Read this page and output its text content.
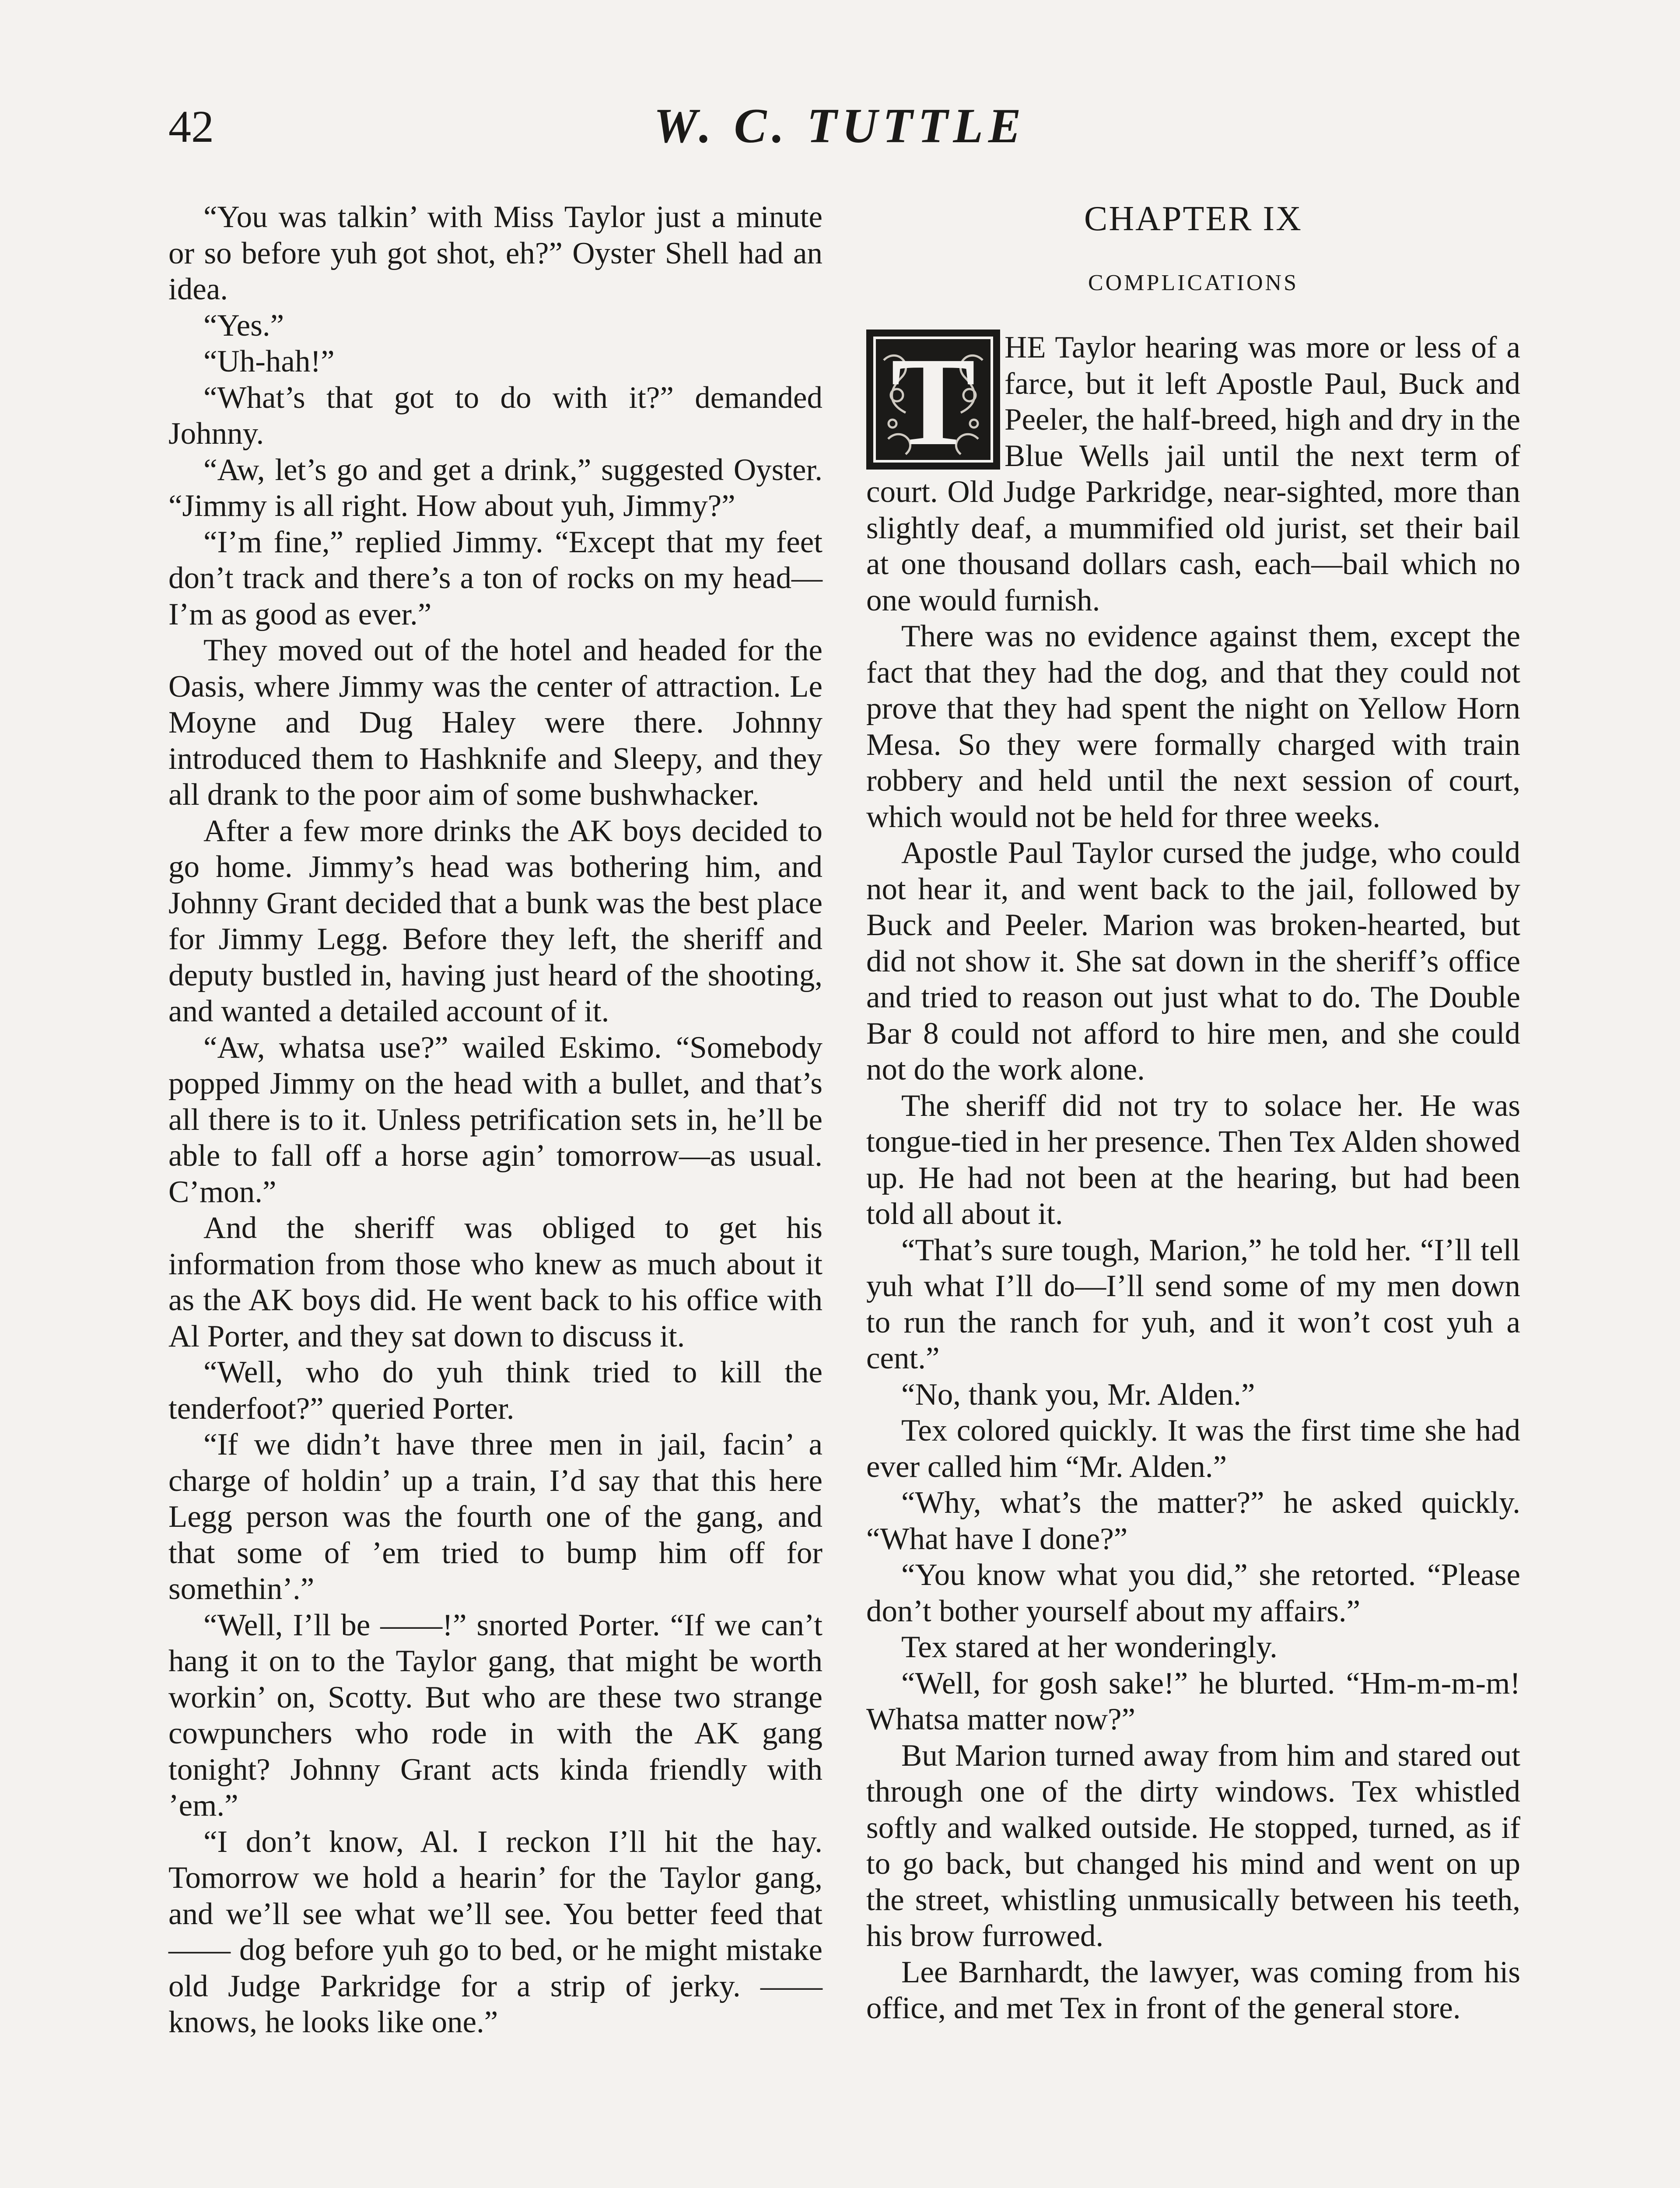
42	W. C. TUTTLE

“You was talkin’ with Miss Taylor just a minute or so before yuh got shot, eh?” Oyster Shell had an idea.

“Yes.”

“Uh-hah!”

“What’s that got to do with it?” demanded Johnny.

“Aw, let’s go and get a drink,” suggested Oyster. “Jimmy is all right. How about yuh, Jimmy?”

“I’m fine,” replied Jimmy. “Except that my feet don’t track and there’s a ton of rocks on my head—I’m as good as ever.”

They moved out of the hotel and headed for the Oasis, where Jimmy was the center of attraction. Le Moyne and Dug Haley were there. Johnny introduced them to Hashknife and Sleepy, and they all drank to the poor aim of some bushwhacker.

After a few more drinks the AK boys decided to go home. Jimmy’s head was bothering him, and Johnny Grant decided that a bunk was the best place for Jimmy Legg. Before they left, the sheriff and deputy bustled in, having just heard of the shooting, and wanted a detailed account of it.

“Aw, whatsa use?” wailed Eskimo. “Somebody popped Jimmy on the head with a bullet, and that’s all there is to it. Unless petrification sets in, he’ll be able to fall off a horse agin’ tomorrow—as usual. C’mon.”

And the sheriff was obliged to get his information from those who knew as much about it as the AK boys did. He went back to his office with Al Porter, and they sat down to discuss it.

“Well, who do yuh think tried to kill the tenderfoot?” queried Porter.

“If we didn’t have three men in jail, facin’ a charge of holdin’ up a train, I’d say that this here Legg person was the fourth one of the gang, and that some of ’em tried to bump him off for somethin’.”

“Well, I’ll be ——!” snorted Porter. “If we can’t hang it on to the Taylor gang, that might be worth workin’ on, Scotty. But who are these two strange cowpunchers who rode in with the AK gang tonight? Johnny Grant acts kinda friendly with ’em.”

“I don’t know, Al. I reckon I’ll hit the hay. Tomorrow we hold a hearin’ for the Taylor gang, and we’ll see what we’ll see. You better feed that —— dog before yuh go to bed, or he might mistake old Judge Parkridge for a strip of jerky. —— knows, he looks like one.”

CHAPTER IX
COMPLICATIONS

T HE Taylor hearing was more or less of a farce, but it left Apostle Paul, Buck and Peeler, the half-breed, high and dry in the Blue Wells jail until the next term of court. Old Judge Parkridge, near-sighted, more than slightly deaf, a mummified old jurist, set their bail at one thousand dollars cash, each—bail which no one would furnish.

There was no evidence against them, except the fact that they had the dog, and that they could not prove that they had spent the night on Yellow Horn Mesa. So they were formally charged with train robbery and held until the next session of court, which would not be held for three weeks.

Apostle Paul Taylor cursed the judge, who could not hear it, and went back to the jail, followed by Buck and Peeler. Marion was broken-hearted, but did not show it. She sat down in the sheriff’s office and tried to reason out just what to do. The Double Bar 8 could not afford to hire men, and she could not do the work alone.

The sheriff did not try to solace her. He was tongue-tied in her presence. Then Tex Alden showed up. He had not been at the hearing, but had been told all about it.

“That’s sure tough, Marion,” he told her. “I’ll tell yuh what I’ll do—I’ll send some of my men down to run the ranch for yuh, and it won’t cost yuh a cent.”

“No, thank you, Mr. Alden.”

Tex colored quickly. It was the first time she had ever called him “Mr. Alden.”

“Why, what’s the matter?” he asked quickly. “What have I done?”

“You know what you did,” she retorted. “Please don’t bother yourself about my affairs.”

Tex stared at her wonderingly.

“Well, for gosh sake!” he blurted. “Hm-m-m-m! Whatsa matter now?”

But Marion turned away from him and stared out through one of the dirty windows. Tex whistled softly and walked outside. He stopped, turned, as if to go back, but changed his mind and went on up the street, whistling unmusically between his teeth, his brow furrowed.

Lee Barnhardt, the lawyer, was coming from his office, and met Tex in front of the general store.
